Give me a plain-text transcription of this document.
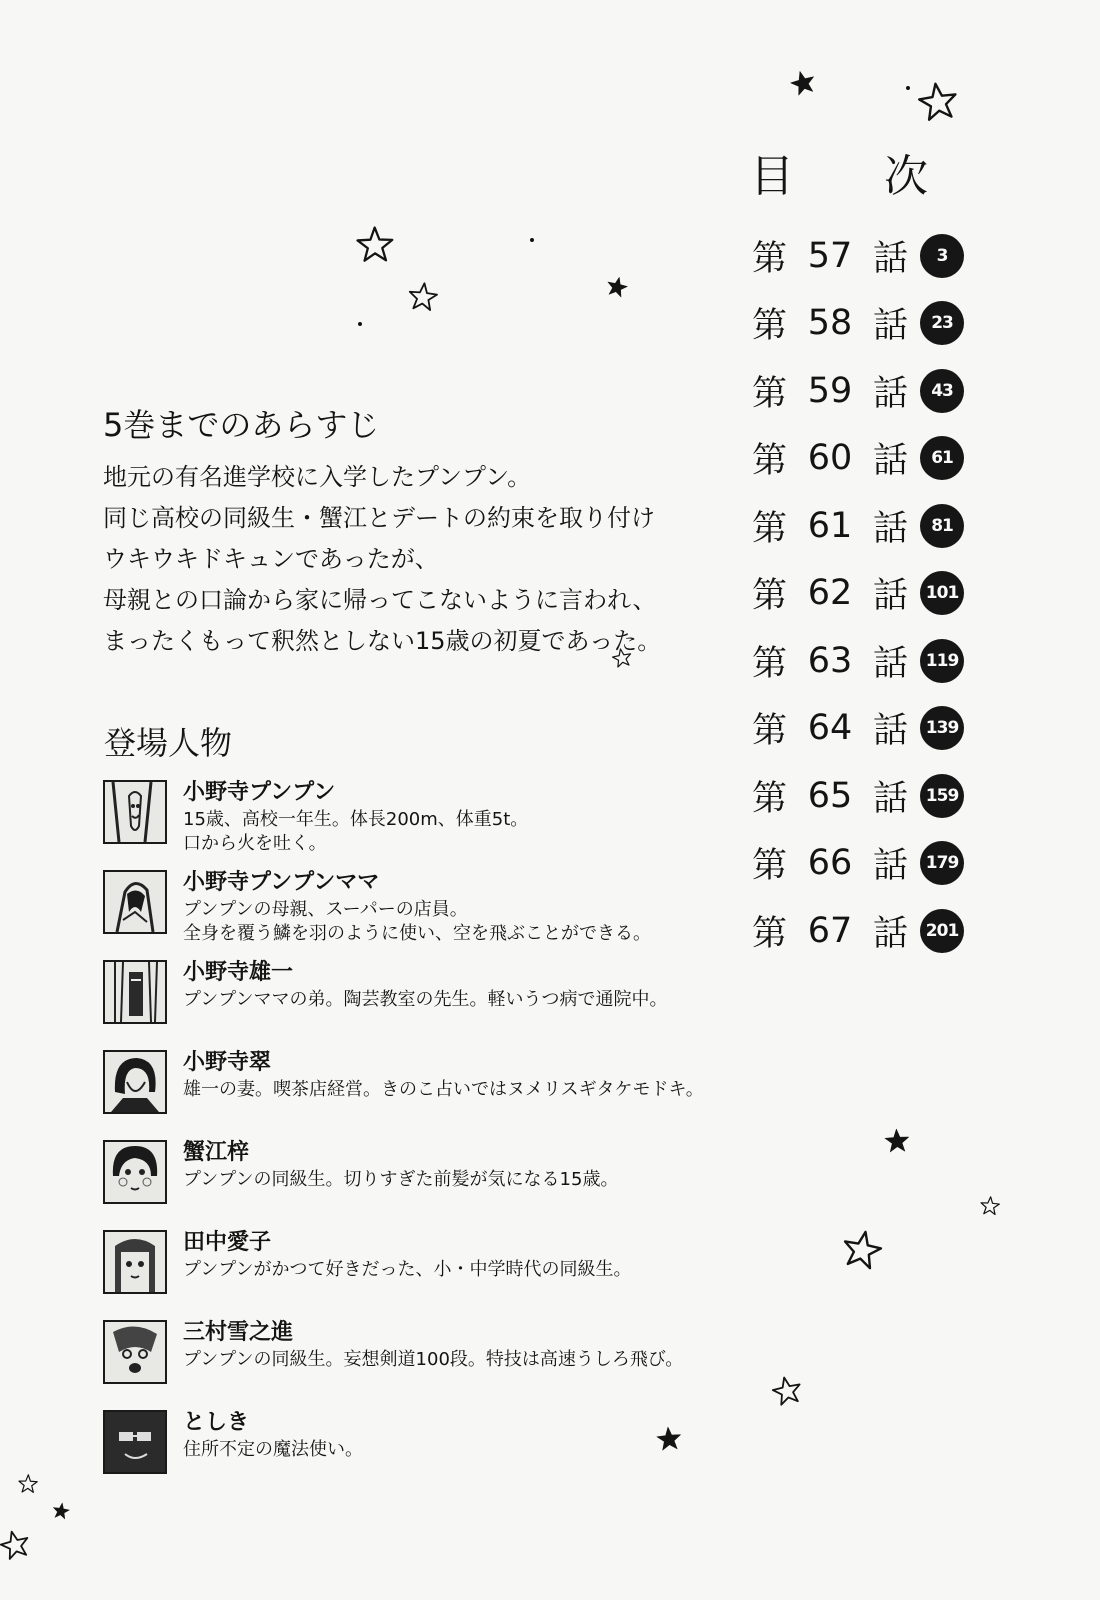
目 次
第 57 話	3
第 58 話	23
第 59 話	43
第 60 話	61
第 61 話	81
第 62 話	101
第 63 話	119
第 64 話	139
第 65 話	159
第 66 話	179
第 67 話	201
5巻までのあらすじ

地元の有名進学校に入学したプンプン。

同じ高校の同級生・蟹江とデートの約束を取り付け

ウキウキドキュンであったが、

母親との口論から家に帰ってこないように言われ、

まったくもって釈然としない15歳の初夏であった。

登場人物
小野寺プンプン
15歳、高校一年生。体長200m、体重5t。
口から火を吐く。
小野寺プンプンママ
プンプンの母親、スーパーの店員。
全身を覆う鱗を羽のように使い、空を飛ぶことができる。
小野寺雄一
プンプンママの弟。陶芸教室の先生。軽いうつ病で通院中。
小野寺翠
雄一の妻。喫茶店経営。きのこ占いではヌメリスギタケモドキ。
蟹江梓
プンプンの同級生。切りすぎた前髪が気になる15歳。
田中愛子
プンプンがかつて好きだった、小・中学時代の同級生。
三村雪之進
プンプンの同級生。妄想剣道100段。特技は高速うしろ飛び。
としき
住所不定の魔法使い。
